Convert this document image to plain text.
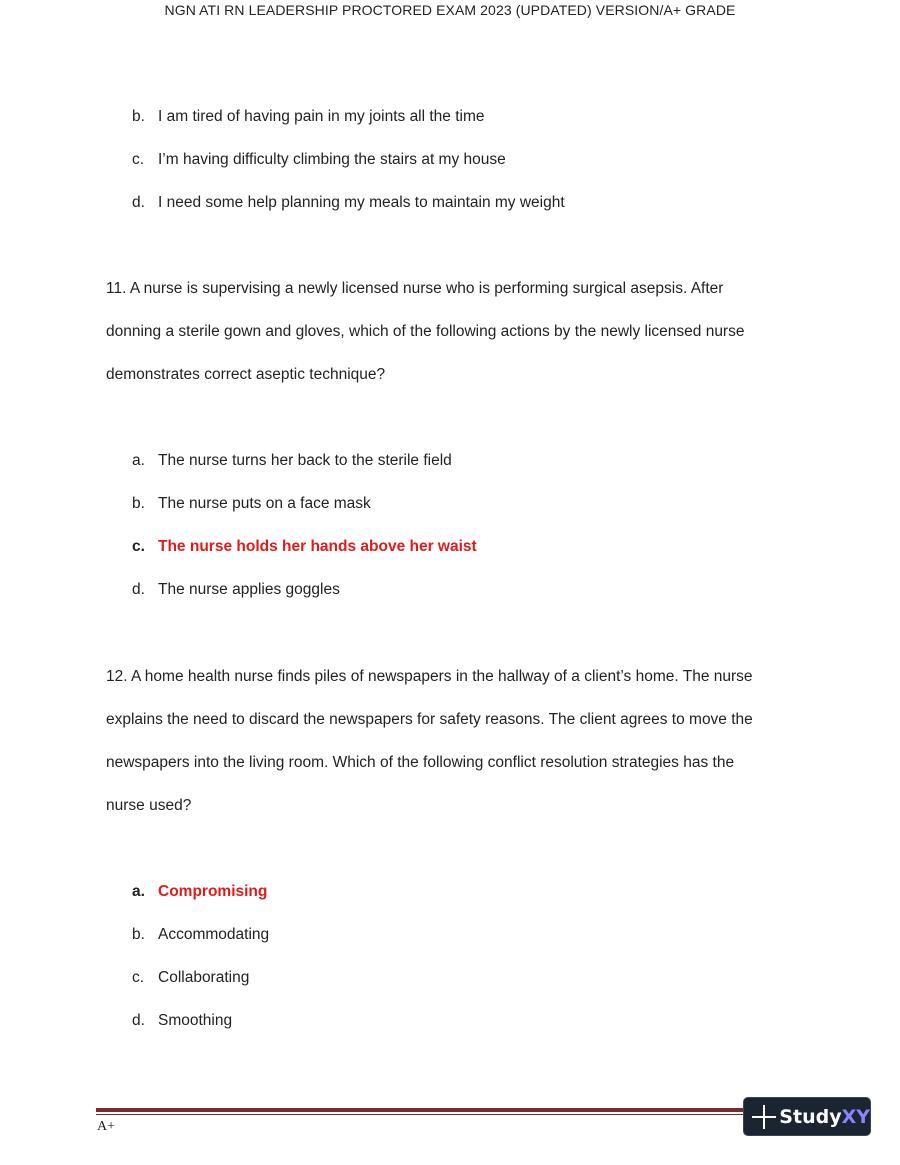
NGN ATI RN LEADERSHIP PROCTORED EXAM 2023 (UPDATED) VERSION/A+ GRADE
b. I am tired of having pain in my joints all the time
c. I’m having difficulty climbing the stairs at my house
d. I need some help planning my meals to maintain my weight
11. A nurse is supervising a newly licensed nurse who is performing surgical asepsis. After
donning a sterile gown and gloves, which of the following actions by the newly licensed nurse
demonstrates correct aseptic technique?
a. The nurse turns her back to the sterile field
b. The nurse puts on a face mask
c. The nurse holds her hands above her waist
d. The nurse applies goggles
12. A home health nurse finds piles of newspapers in the hallway of a client’s home. The nurse
explains the need to discard the newspapers for safety reasons. The client agrees to move the
newspapers into the living room. Which of the following conflict resolution strategies has the
nurse used?
a. Compromising
b. Accommodating
c. Collaborating
d. Smoothing
A+	StudyXY
